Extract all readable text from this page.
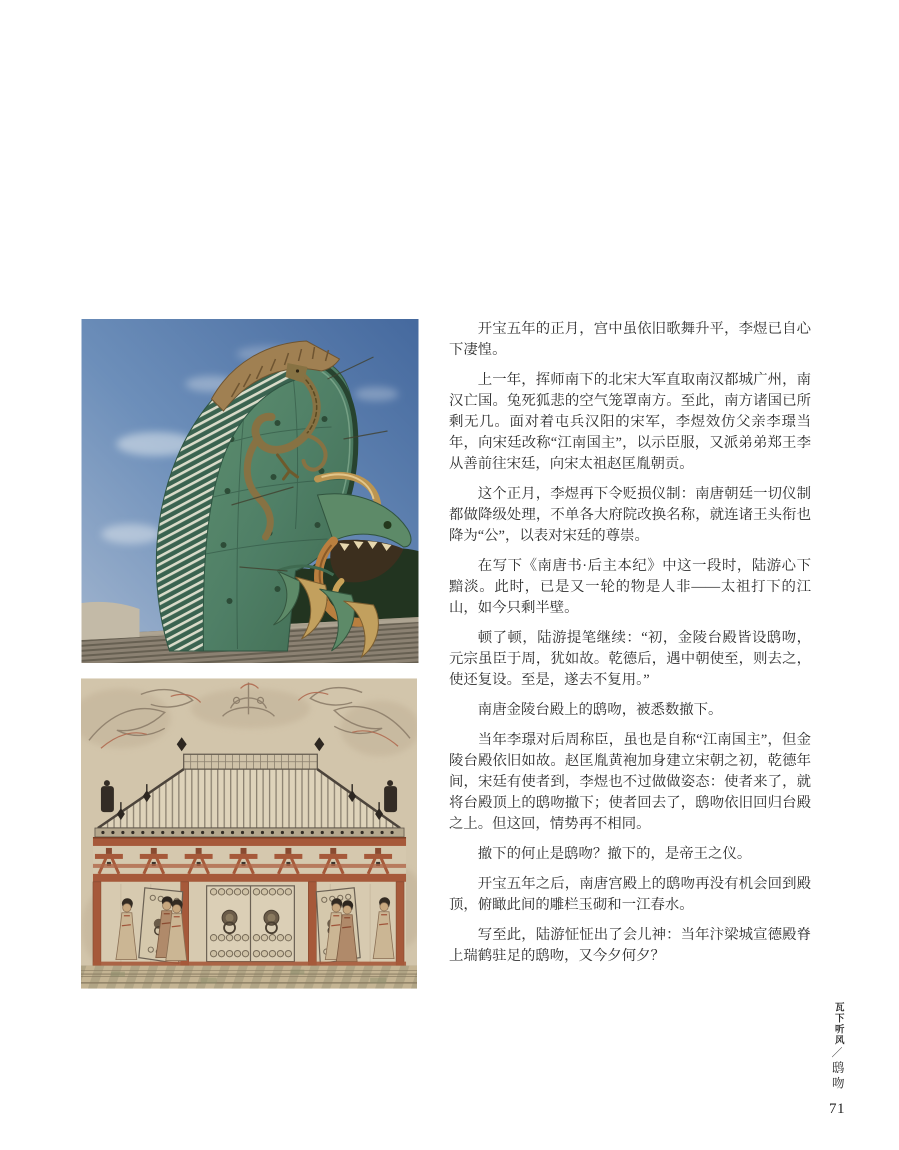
开宝五年的正月，宫中虽依旧歌舞升平，李煜已自心下凄惶。

上一年，挥师南下的北宋大军直取南汉都城广州，南汉亡国。兔死狐悲的空气笼罩南方。至此，南方诸国已所剩无几。面对着屯兵汉阳的宋军，李煜效仿父亲李璟当年，向宋廷改称“江南国主”，以示臣服，又派弟弟郑王李从善前往宋廷，向宋太祖赵匡胤朝贡。

这个正月，李煜再下令贬损仪制：南唐朝廷一切仪制都做降级处理，不单各大府院改换名称，就连诸王头衔也降为“公”，以表对宋廷的尊崇。

在写下《南唐书·后主本纪》中这一段时，陆游心下黯淡。此时，已是又一轮的物是人非——太祖打下的江山，如今只剩半壁。

顿了顿，陆游提笔继续：“初，金陵台殿皆设鸱吻，元宗虽臣于周，犹如故。乾德后，遇中朝使至，则去之，使还复设。至是，遂去不复用。”

南唐金陵台殿上的鸱吻，被悉数撤下。

当年李璟对后周称臣，虽也是自称“江南国主”，但金陵台殿依旧如故。赵匡胤黄袍加身建立宋朝之初，乾德年间，宋廷有使者到，李煜也不过做做姿态：使者来了，就将台殿顶上的鸱吻撤下；使者回去了，鸱吻依旧回归台殿之上。但这回，情势再不相同。

撤下的何止是鸱吻？撤下的，是帝王之仪。

开宝五年之后，南唐宫殿上的鸱吻再没有机会回到殿顶，俯瞰此间的雕栏玉砌和一江春水。

写至此，陆游怔怔出了会儿神：当年汴梁城宣德殿脊上瑞鹤驻足的鸱吻，又今夕何夕？

瓦下听风
／
鸱吻
71
